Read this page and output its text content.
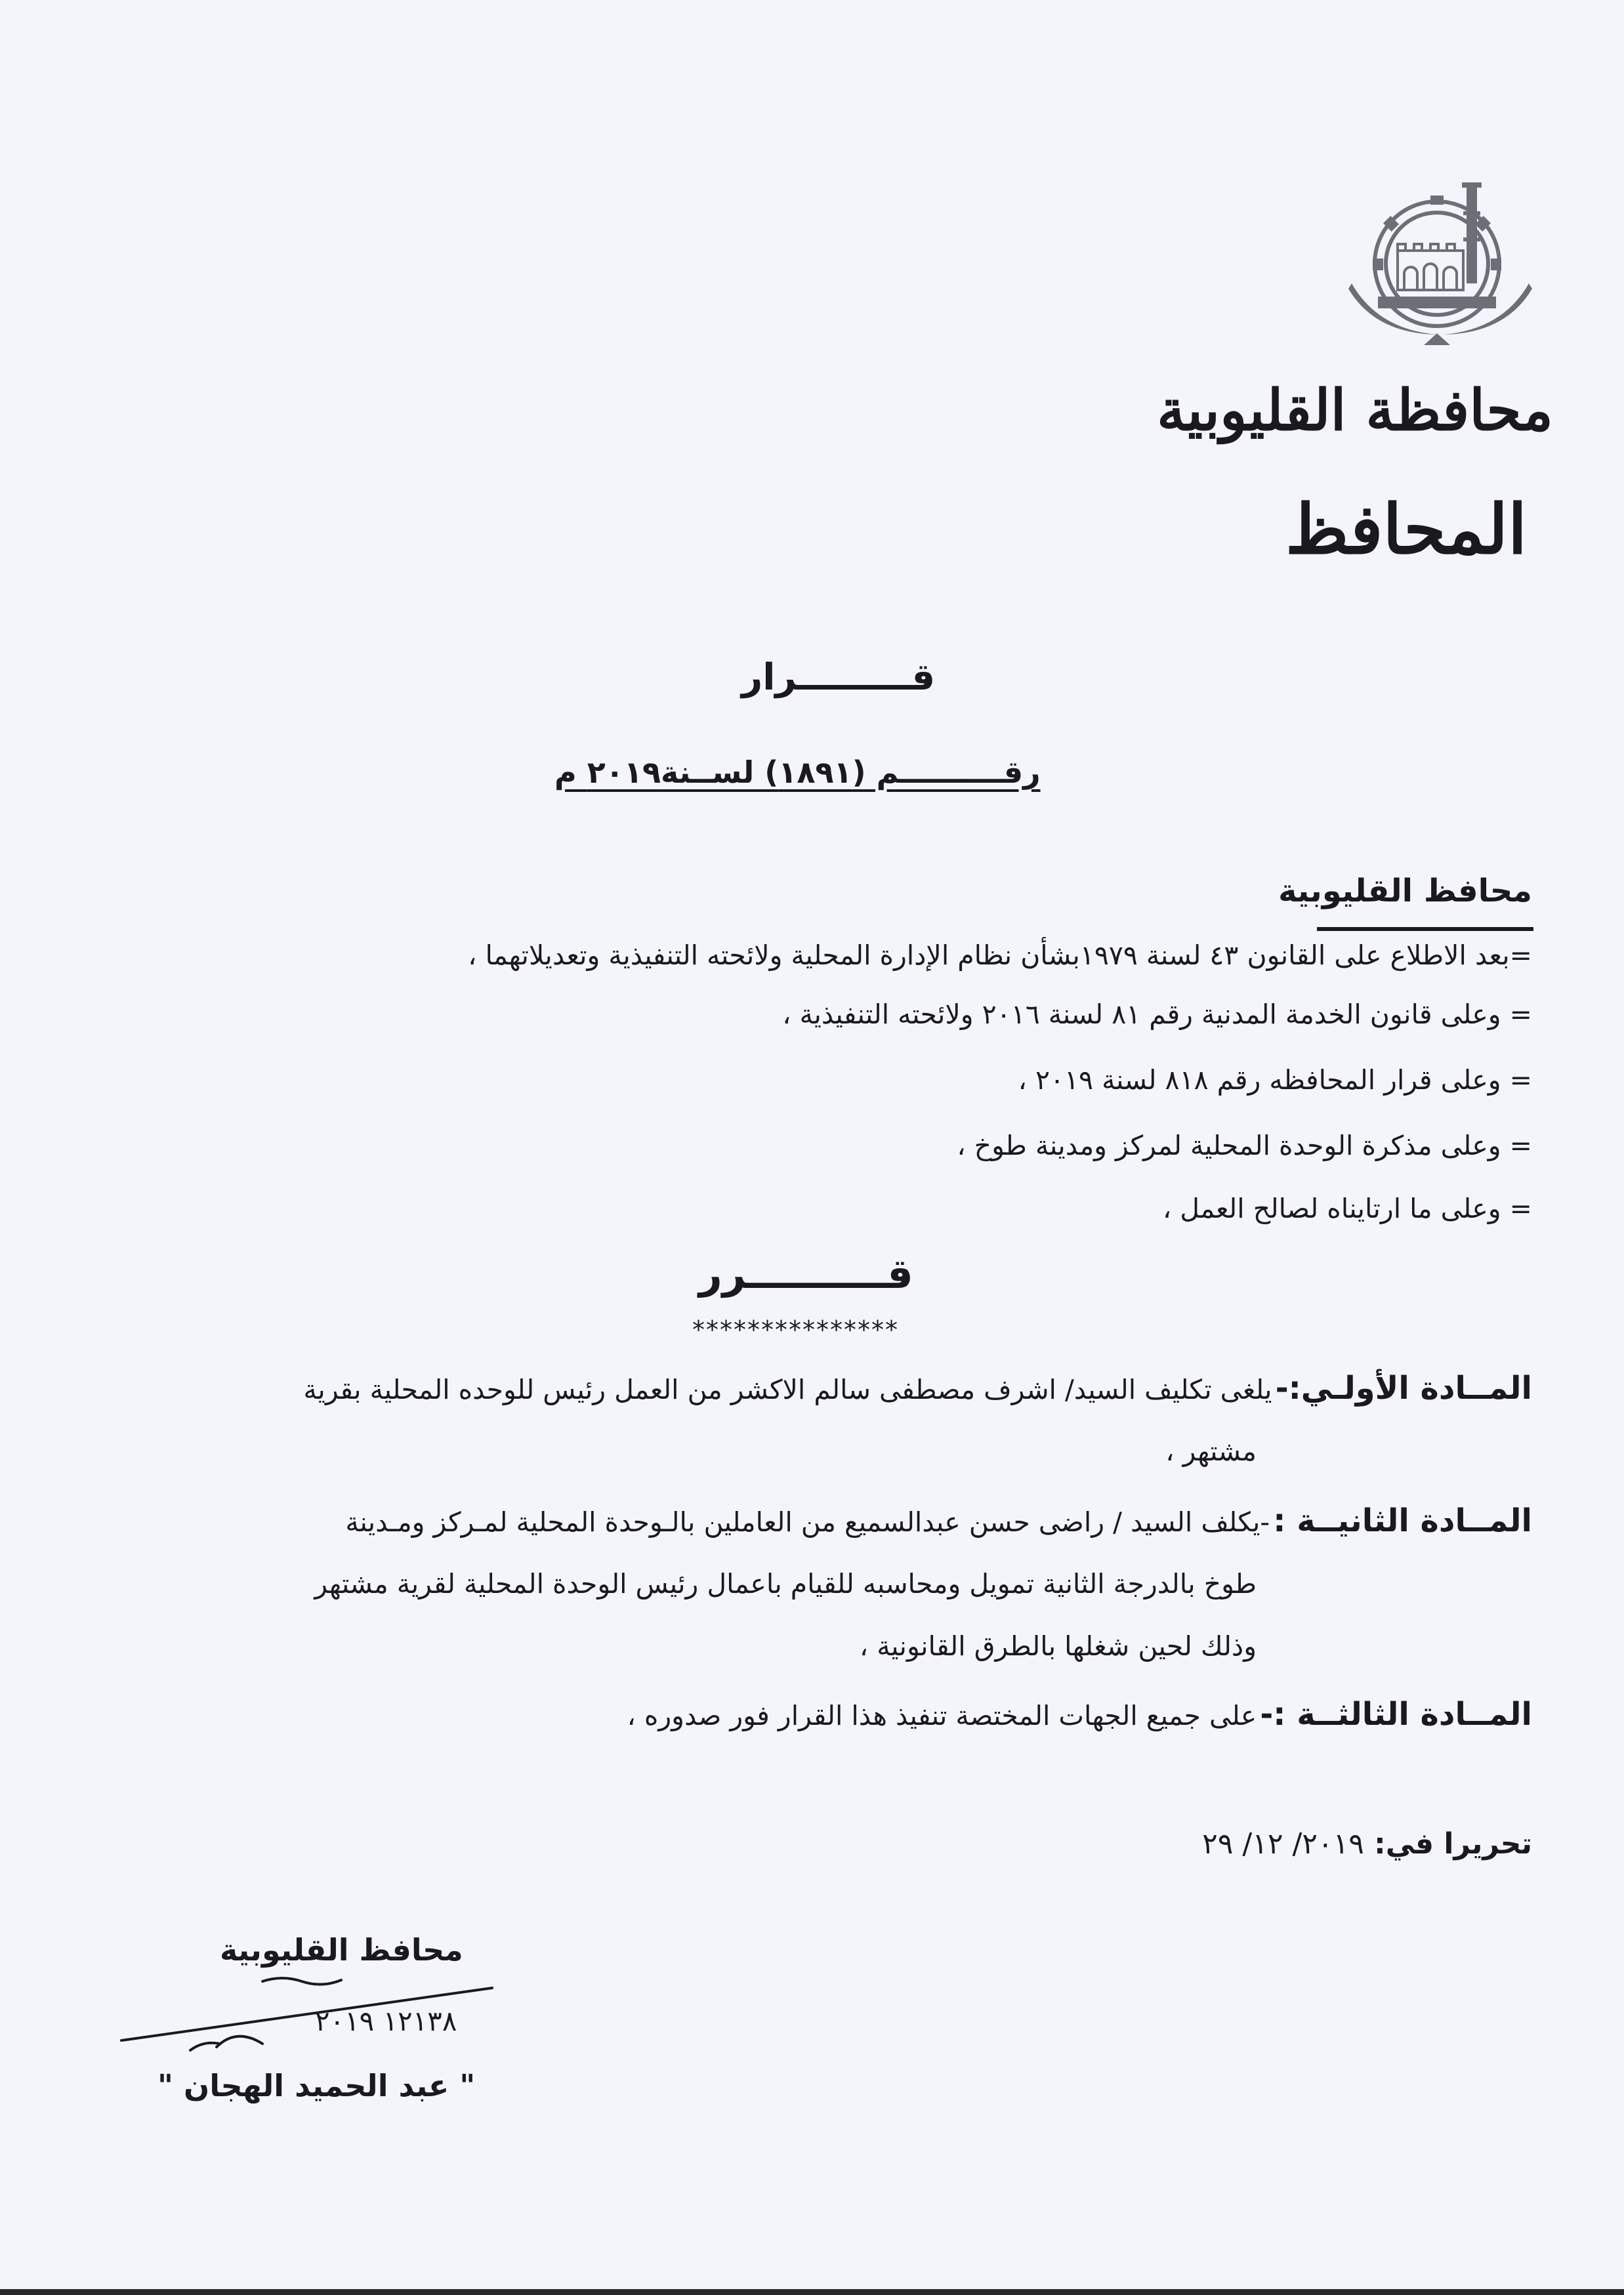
محافظة القليوبية
المحافظ
قـــــــــرار
رقــــــــــم (١٨٩١) لســنة٢٠١٩ م
محافظ القليوبية
=بعد الاطلاع على القانون ٤٣ لسنة ١٩٧٩بشأن نظام الإدارة المحلية ولائحته التنفيذية وتعديلاتهما ،
= وعلى قانون الخدمة المدنية رقم ٨١ لسنة ٢٠١٦ ولائحته التنفيذية ،
= وعلى قرار المحافظه رقم ٨١٨ لسنة ٢٠١٩ ،
= وعلى مذكرة الوحدة المحلية لمركز ومدينة طوخ ،
= وعلى ما ارتايناه لصالح العمل ،
قــــــــــرر
***************
المــادة الأولـي:- يلغى تكليف السيد/ اشرف مصطفى سالم الاكشر من العمل رئيس للوحده المحلية بقرية
مشتهر ،
المــادة الثانيــة : -يكلف السيد / راضى حسن عبدالسميع من العاملين بالـوحدة المحلية لمـركز ومـدينة
طوخ بالدرجة الثانية تمويل ومحاسبه للقيام باعمال رئيس الوحدة المحلية لقرية مشتهر
وذلك لحين شغلها بالطرق القانونية ،
المــادة الثالثــة :- على جميع الجهات المختصة تنفيذ هذا القرار فور صدوره ،
تحريرا في: ٢٠١٩/ ١٢/ ٢٩
محافظ القليوبية
١٢١٣٨ ٢٠١٩
" عبد الحميد الهجان "
